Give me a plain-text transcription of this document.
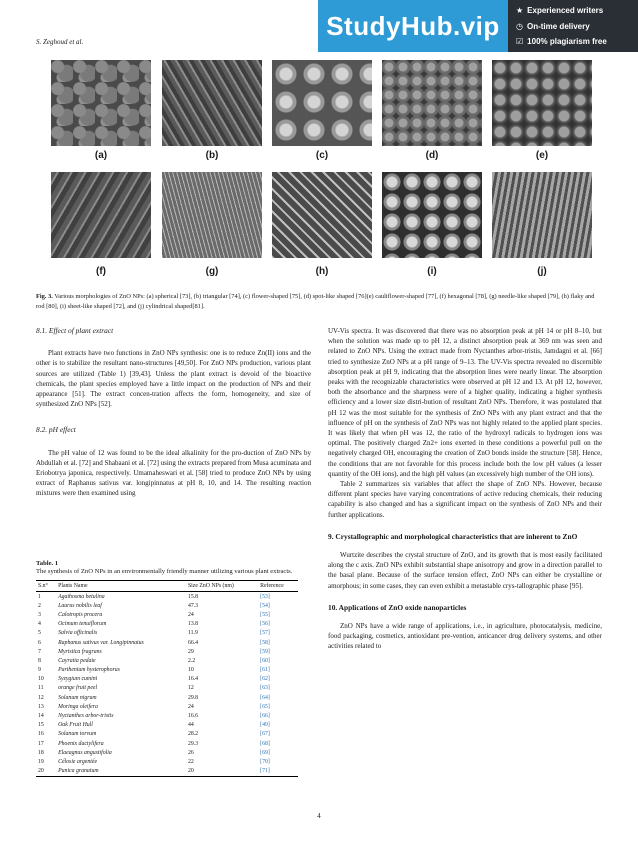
S. Zeghoud et al.
StudyHub.vip ★ Experienced writers
◷ On-time delivery
☑ 100% plagiarism free
(a)	(b)	(c)	(d)	(e)
(f)	(g)	(h)	(i)	(j)
Fig. 3. Various morphologies of ZnO NPs: (a) spherical [73], (b) triangular [74], (c) flower-shaped [75], (d) spot-like shaped [76](e) cauliflower-shaped [77], (f) hexagonal [78], (g) needle-like shaped [79], (h) flaky and rod [80], (i) sheet-like shaped [72], and (j) cylindrical shaped[81].
8.1. Effect of plant extract

Plant extracts have two functions in ZnO NPs synthesis: one is to reduce Zn(II) ions and the other is to stabilize the resultant nano-structures [49,50]. For ZnO NPs production, various plant sources are utilized (Table 1) [39,43]. Unless the plant extract is devoid of the bioactive chemicals, the plant species employed have a little impact on the production of NPs and their appearance [51]. The extract concen-tration affects the form, homogeneity, and size of synthesized ZnO NPs [52].

8.2. pH effect

The pH value of 12 was found to be the ideal alkalinity for the pro-duction of ZnO NPs by Abdullah et al. [72] and Shabaani et al. [72] using the extracts prepared from Musa acuminata and Eriobotrya japonica, respectively. Umamaheswari et al. [58] tried to produce ZnO NPs by using extract of Raphanus sativus var. longipinnatus at pH 8, 10, and 14. The resulting reaction mixtures were then examined using

Table. 1
The synthesis of ZnO NPs in an environmentally friendly manner utilizing various plant extracts.
S.n°	Plants Name	Size ZnO NPs (nm)	Reference
1	Agathosma betulina	15.8	[53]
2	Laurus nobilis leaf	47.3	[54]
3	Calotropis procera	24	[55]
4	Ocimum tenuiflorum	13.8	[56]
5	Salvia officinalis	11.9	[57]
6	Raphanus sativus var. Longipinnatus	66.4	[58]
7	Myristica fragrans	29	[59]
8	Cayratia pedate	2.2	[60]
9	Parthenium hysterophorus	10	[61]
10	Syzygium cumini	16.4	[62]
11	orange fruit peel	12	[63]
12	Solanum nigrum	29.8	[64]
13	Moringa oleifera	24	[65]
14	Nyctanthes arbor-tristis	16.6	[66]
15	Oak Fruit Hull	44	[49]
16	Solanum torvum	28.2	[67]
17	Phoenix dactylifera	29.3	[68]
18	Elaeagnus angustifolia	26	[69]
19	Célosie argentée	22	[70]
20	Punica granatum	20	[71]

UV-Vis spectra. It was discovered that there was no absorption peak at pH 14 or pH 8–10, but when the solution was made up to pH 12, a distinct absorption peak at 369 nm was seen and related to ZnO NPs. Using the extract made from Nyctanthes arbor-tristis, Jamdagni et al. [66] tried to synthesize ZnO NPs at a pH range of 9–13. The UV-Vis spectra revealed no discernible absorption peak at pH 9, indicating that the absorption lines were nearly linear. The absorption peaks with the recognizable characteristics were observed at pH 12 and 13. At pH 12, however, both the absorbance and the sharpness were of a higher quality, indicating a higher synthesis efficiency and a lower size distri-bution of resultant ZnO NPs. Therefore, it was postulated that pH 12 was the most suitable for the synthesis of ZnO NPs with any plant extract and that the influence of pH on the synthesis of ZnO NPs was not highly related to the applied plant species. It was likely that when pH was 12, the ratio of the hydroxyl radicals to hydrogen ions was optimal. The positively charged Zn2+ ions exerted in these conditions a powerful pull on the negatively charged OH, encouraging the creation of ZnO bonds inside the structure [58]. Hence, the conditions that are not favorable for this process include both the low pH values (a lesser quantity of the OH ions), and the high pH values (an excessively high number of the OH ions).

Table 2 summarizes six variables that affect the shape of ZnO NPs. However, because different plant species have varying concentrations of active reducing chemicals, their reducing capability is also changed and has a significant impact on the synthesis of ZnO NPs and their further applications.

9. Crystallographic and morphological characteristics that are inherent to ZnO

Wurtzite describes the crystal structure of ZnO, and its growth that is most easily facilitated along the c axis. ZnO NPs exhibit substantial shape anisotropy and grow in a direction parallel to the basal plane. Because of the surface tension effect, ZnO NPs can either be crystalline or amorphous; in some cases, they can even exhibit a metastable crys-tallographic phase [95].

10. Applications of ZnO oxide nanoparticles

ZnO NPs have a wide range of applications, i.e., in agriculture, photocatalysis, medicine, food packaging, cosmetics, antioxidant pre-vention, anticancer drug delivery systems, and other activities related to

4
